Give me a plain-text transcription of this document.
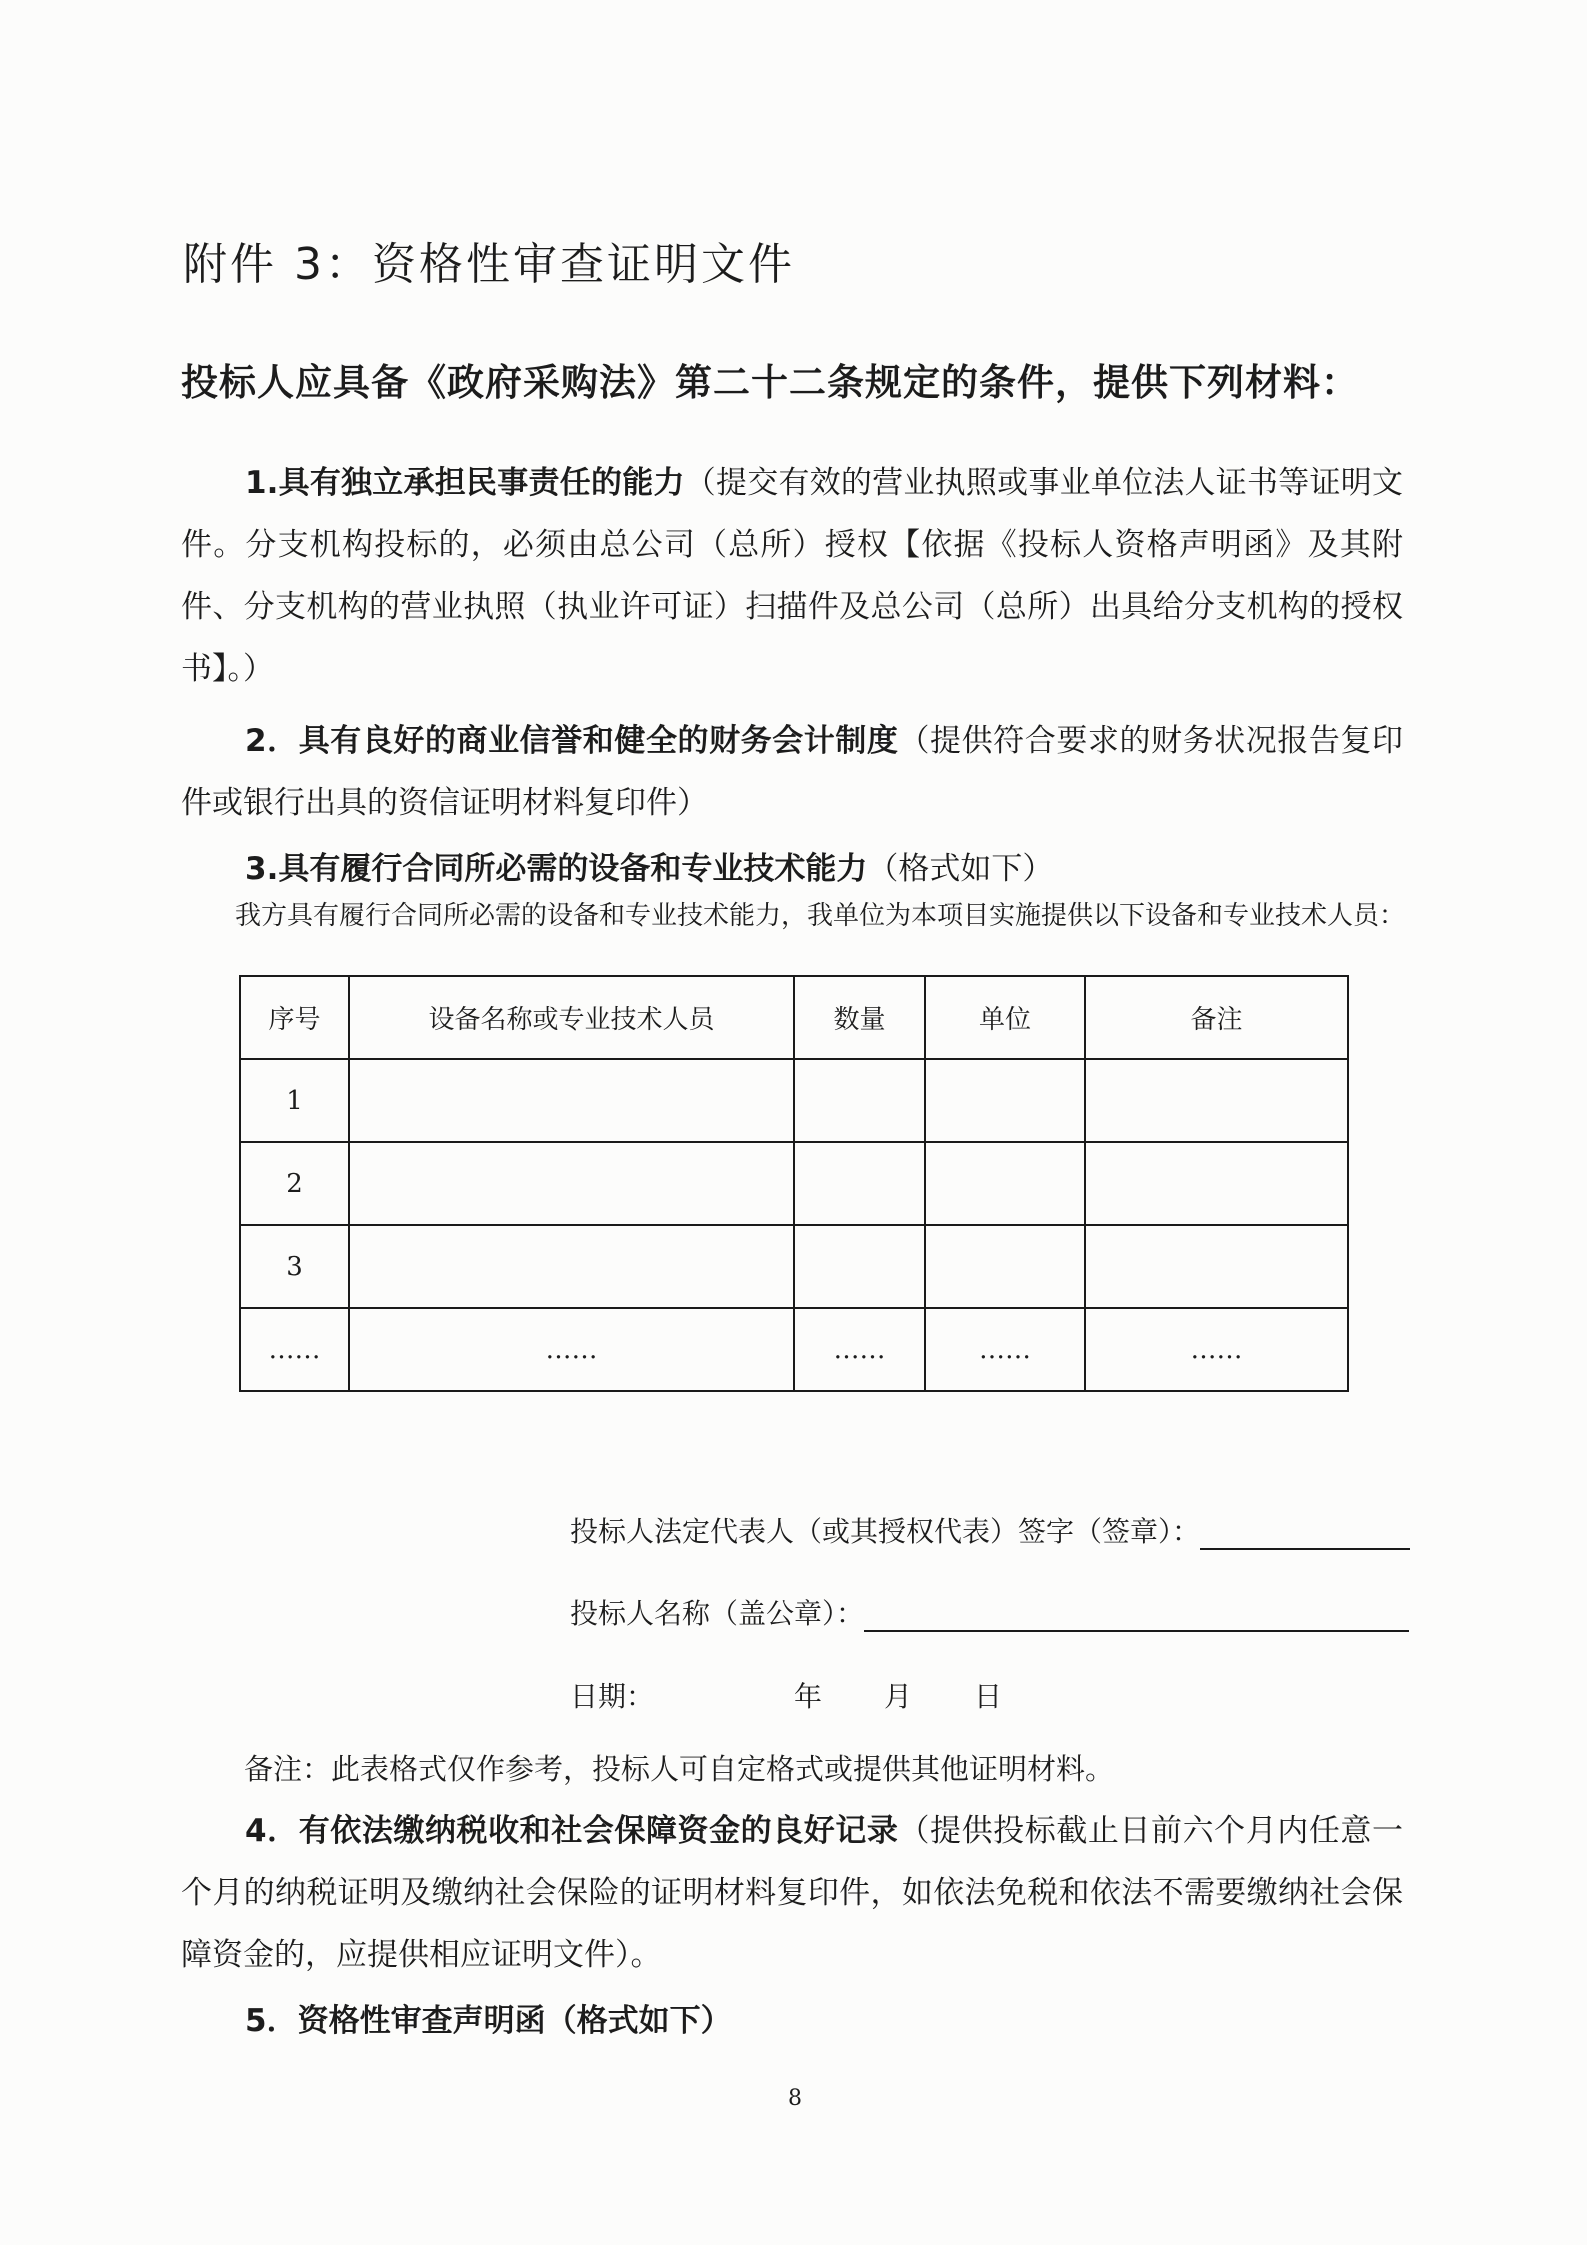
附件 3：资格性审查证明文件
投标人应具备《政府采购法》第二十二条规定的条件，提供下列材料：
1.具有独立承担民事责任的能力（提交有效的营业执照或事业单位法人证书等证明文件。分支机构投标的，必须由总公司（总所）授权【依据《投标人资格声明函》及其附件、分支机构的营业执照（执业许可证）扫描件及总公司（总所）出具给分支机构的授权书】。）
2．具有良好的商业信誉和健全的财务会计制度（提供符合要求的财务状况报告复印件或银行出具的资信证明材料复印件）
3.具有履行合同所必需的设备和专业技术能力（格式如下）
我方具有履行合同所必需的设备和专业技术能力，我单位为本项目实施提供以下设备和专业技术人员：
序号	设备名称或专业技术人员	数量	单位	备注
1				
2				
3				
……	……	……	……	……
投标人法定代表人（或其授权代表）签字（签章）：
投标人名称（盖公章）：
日期：	年 月 日
备注：此表格式仅作参考，投标人可自定格式或提供其他证明材料。
4．有依法缴纳税收和社会保障资金的良好记录（提供投标截止日前六个月内任意一个月的纳税证明及缴纳社会保险的证明材料复印件，如依法免税和依法不需要缴纳社会保障资金的，应提供相应证明文件）。
5．资格性审查声明函（格式如下）
8
